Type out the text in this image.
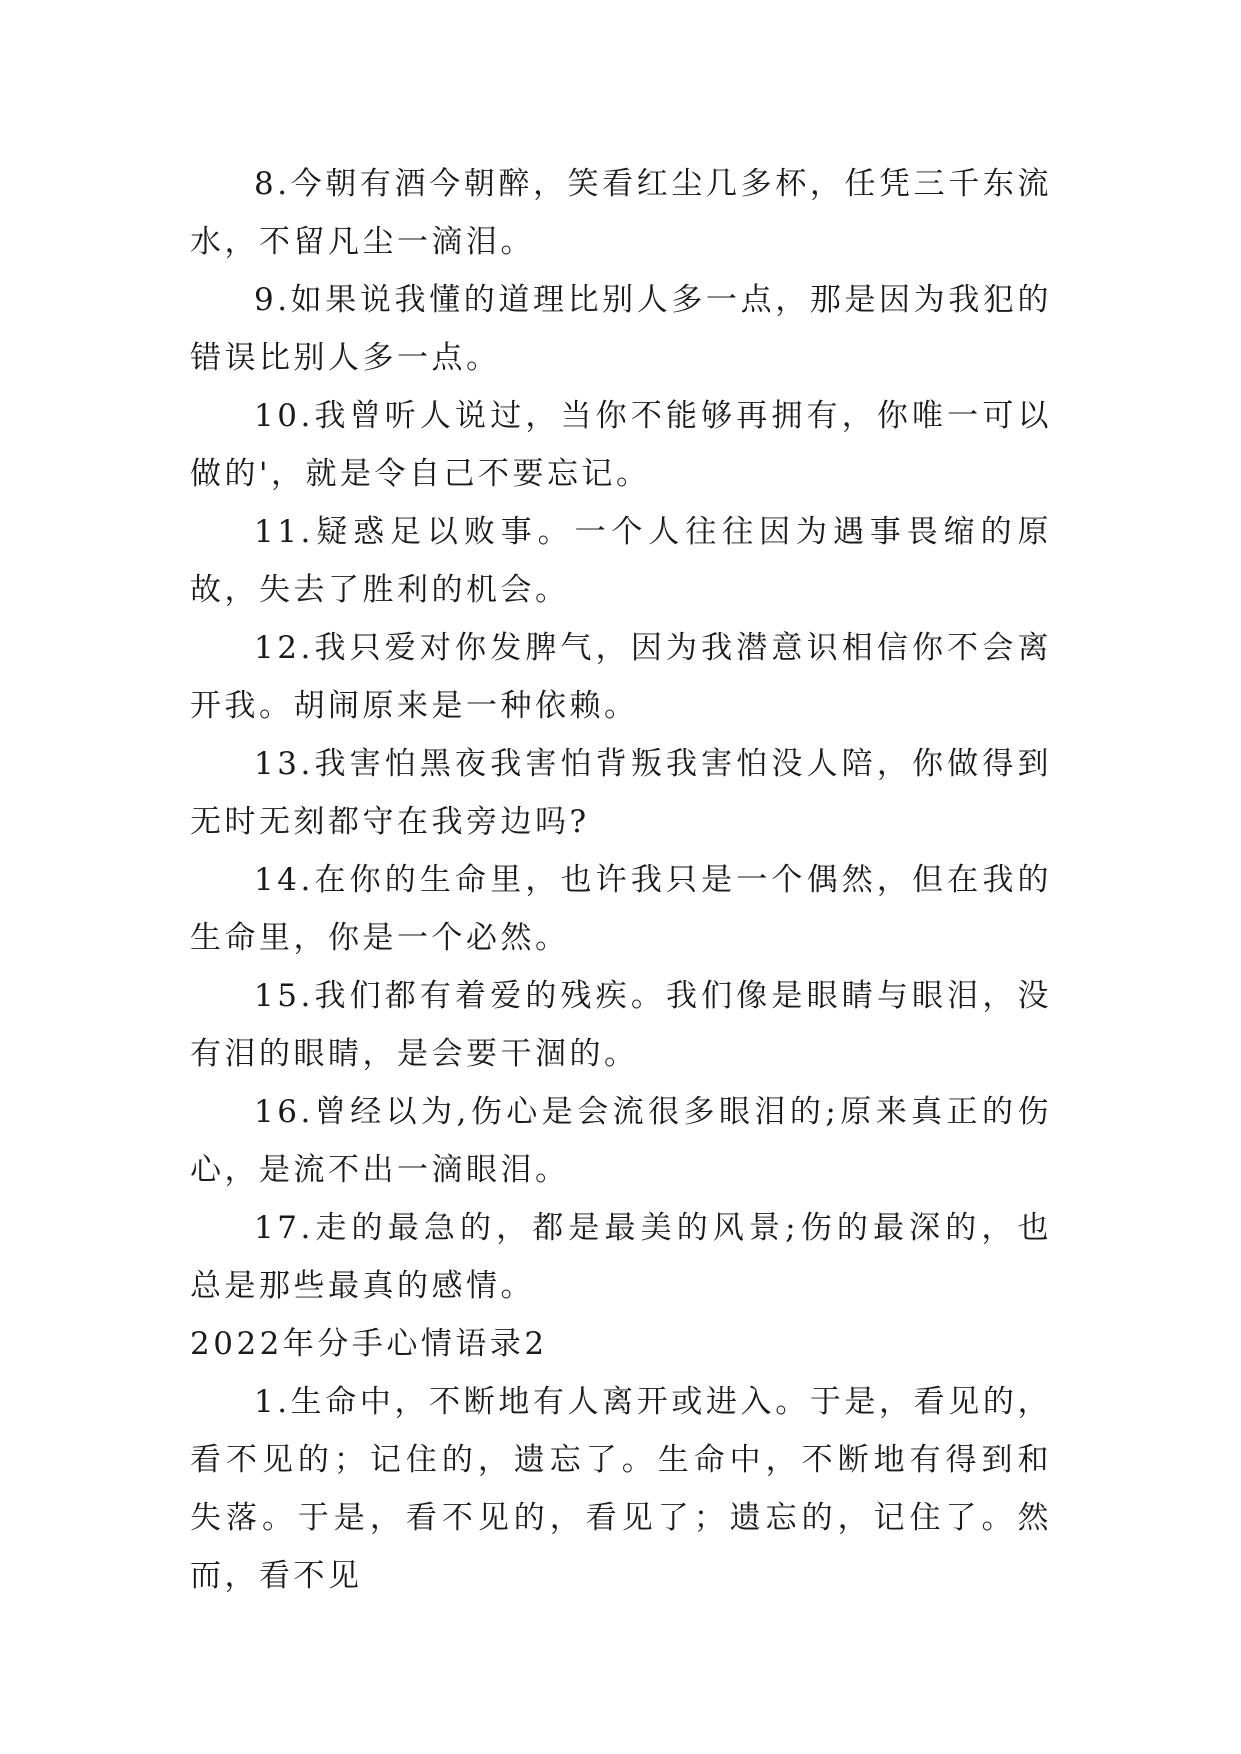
8.今朝有酒今朝醉，笑看红尘几多杯，任凭三千东流水，不留凡尘一滴泪。

9.如果说我懂的道理比别人多一点，那是因为我犯的错误比别人多一点。

10.我曾听人说过，当你不能够再拥有，你唯一可以做的'，就是令自己不要忘记。

11.疑惑足以败事。一个人往往因为遇事畏缩的原故，失去了胜利的机会。

12.我只爱对你发脾气，因为我潜意识相信你不会离开我。胡闹原来是一种依赖。

13.我害怕黑夜我害怕背叛我害怕没人陪，你做得到无时无刻都守在我旁边吗?

14.在你的生命里，也许我只是一个偶然，但在我的生命里，你是一个必然。

15.我们都有着爱的残疾。我们像是眼睛与眼泪，没有泪的眼睛，是会要干涸的。

16.曾经以为,伤心是会流很多眼泪的;原来真正的伤心，是流不出一滴眼泪。

17.走的最急的，都是最美的风景;伤的最深的，也总是那些最真的感情。

2022年分手心情语录2

1.生命中，不断地有人离开或进入。于是，看见的，看不见的；记住的，遗忘了。生命中，不断地有得到和失落。于是，看不见的，看见了；遗忘的，记住了。然而，看不见
